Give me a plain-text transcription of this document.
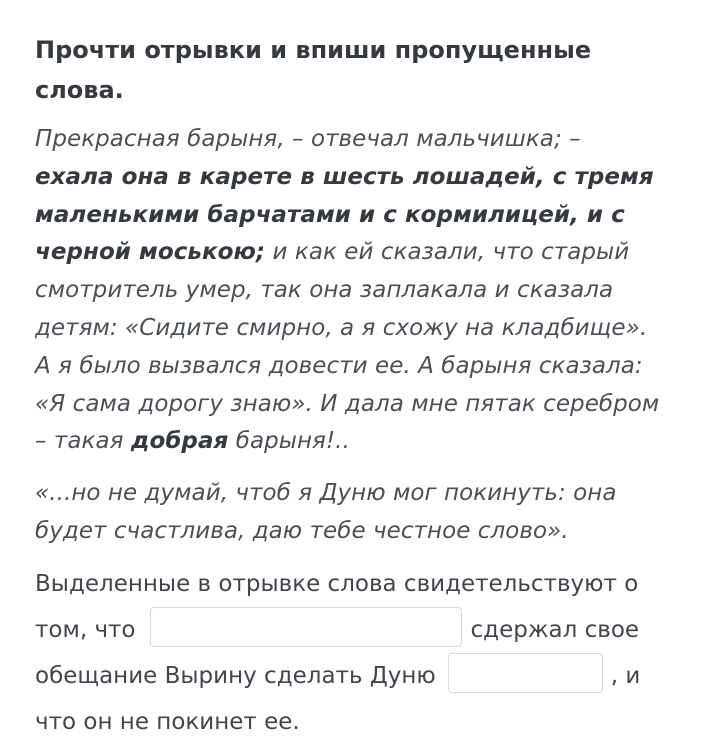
Прочти отрывки и впиши пропущенные
слова.
Прекрасная барыня, – отвечал мальчишка; –
ехала она в карете в шесть лошадей, с тремя
маленькими барчатами и с кормилицей, и с
черной моською; и как ей сказали, что старый
смотритель умер, так она заплакала и сказала
детям: «Сидите смирно, а я схожу на кладбище».
А я было вызвался довести ее. А барыня сказала:
«Я сама дорогу знаю». И дала мне пятак серебром
– такая добрая барыня!..
«...но не думай, чтоб я Дуню мог покинуть: она
будет счастлива, даю тебе честное слово».
Выделенные в отрывке слова свидетельствуют о
том, что	сдержал свое
обещание Вырину сделать Дуню	, и
что он не покинет ее.
